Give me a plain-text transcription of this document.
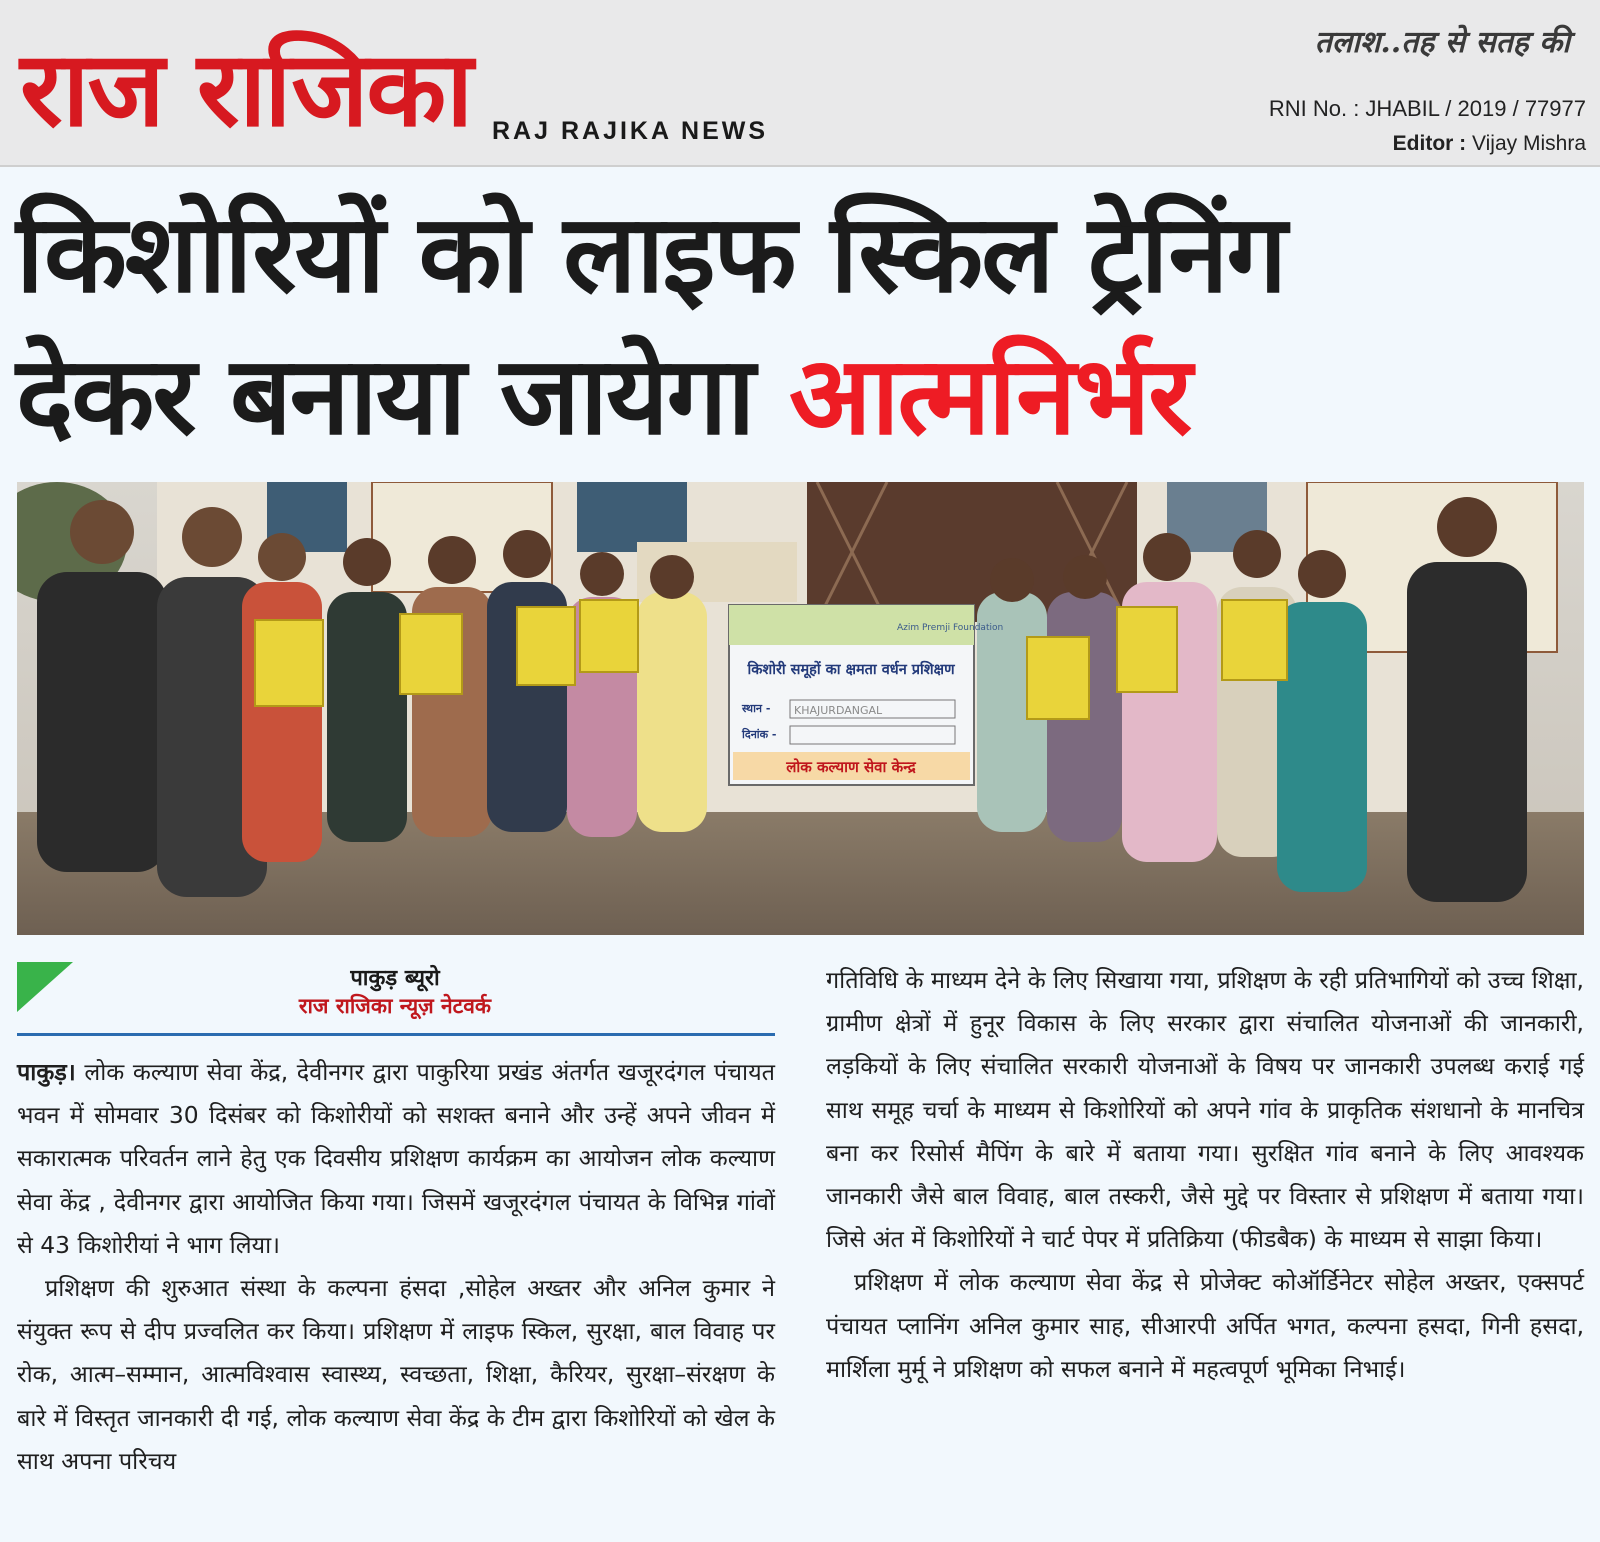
राज राजिका RAJ RAJIKA NEWS
तलाश..तह से सतह की
RNI No. : JHABIL / 2019 / 77977
Editor : Vijay Mishra
किशोरियों को लाइफ स्किल ट्रेनिंग
देकर बनाया जायेगा आत्मनिर्भर
Azim Premji Foundation
किशोरी समूहों का क्षमता वर्धन प्रशिक्षण
स्थान - KHAJURDANGAL
दिनांक -
लोक कल्याण सेवा केन्द्र
पाकुड़ ब्यूरो
राज राजिका न्यूज़ नेटवर्क

पाकुड़। लोक कल्याण सेवा केंद्र, देवीनगर द्वारा पाकुरिया प्रखंड अंतर्गत खजूरदंगल पंचायत भवन में सोमवार 30 दिसंबर को किशोरीयों को सशक्त बनाने और उन्हें अपने जीवन में सकारात्मक परिवर्तन लाने हेतु एक दिवसीय प्रशिक्षण कार्यक्रम का आयोजन लोक कल्याण सेवा केंद्र , देवीनगर द्वारा आयोजित किया गया। जिसमें खजूरदंगल पंचायत के विभिन्न गांवों से 43 किशोरीयां ने भाग लिया।

प्रशिक्षण की शुरुआत संस्था के कल्पना हंसदा ,सोहेल अख्तर और अनिल कुमार ने संयुक्त रूप से दीप प्रज्वलित कर किया। प्रशिक्षण में लाइफ स्किल, सुरक्षा, बाल विवाह पर रोक, आत्म–सम्मान, आत्मविश्वास स्वास्थ्य, स्वच्छता, शिक्षा, कैरियर, सुरक्षा–संरक्षण के बारे में विस्तृत जानकारी दी गई, लोक कल्याण सेवा केंद्र के टीम द्वारा किशोरियों को खेल के साथ अपना परिचय

गतिविधि के माध्यम देने के लिए सिखाया गया, प्रशिक्षण के रही प्रतिभागियों को उच्च शिक्षा, ग्रामीण क्षेत्रों में हुनूर विकास के लिए सरकार द्वारा संचालित योजनाओं की जानकारी, लड़कियों के लिए संचालित सरकारी योजनाओं के विषय पर जानकारी उपलब्ध कराई गई साथ समूह चर्चा के माध्यम से किशोरियों को अपने गांव के प्राकृतिक संशधानो के मानचित्र बना कर रिसोर्स मैपिंग के बारे में बताया गया। सुरक्षित गांव बनाने के लिए आवश्यक जानकारी जैसे बाल विवाह, बाल तस्करी, जैसे मुद्दे पर विस्तार से प्रशिक्षण में बताया गया। जिसे अंत में किशोरियों ने चार्ट पेपर में प्रतिक्रिया (फीडबैक) के माध्यम से साझा किया।

प्रशिक्षण में लोक कल्याण सेवा केंद्र से प्रोजेक्ट कोऑर्डिनेटर सोहेल अख्तर, एक्सपर्ट पंचायत प्लानिंग अनिल कुमार साह, सीआरपी अर्पित भगत, कल्पना हसदा, गिनी हसदा, मार्शिला मुर्मू ने प्रशिक्षण को सफल बनाने में महत्वपूर्ण भूमिका निभाई।
